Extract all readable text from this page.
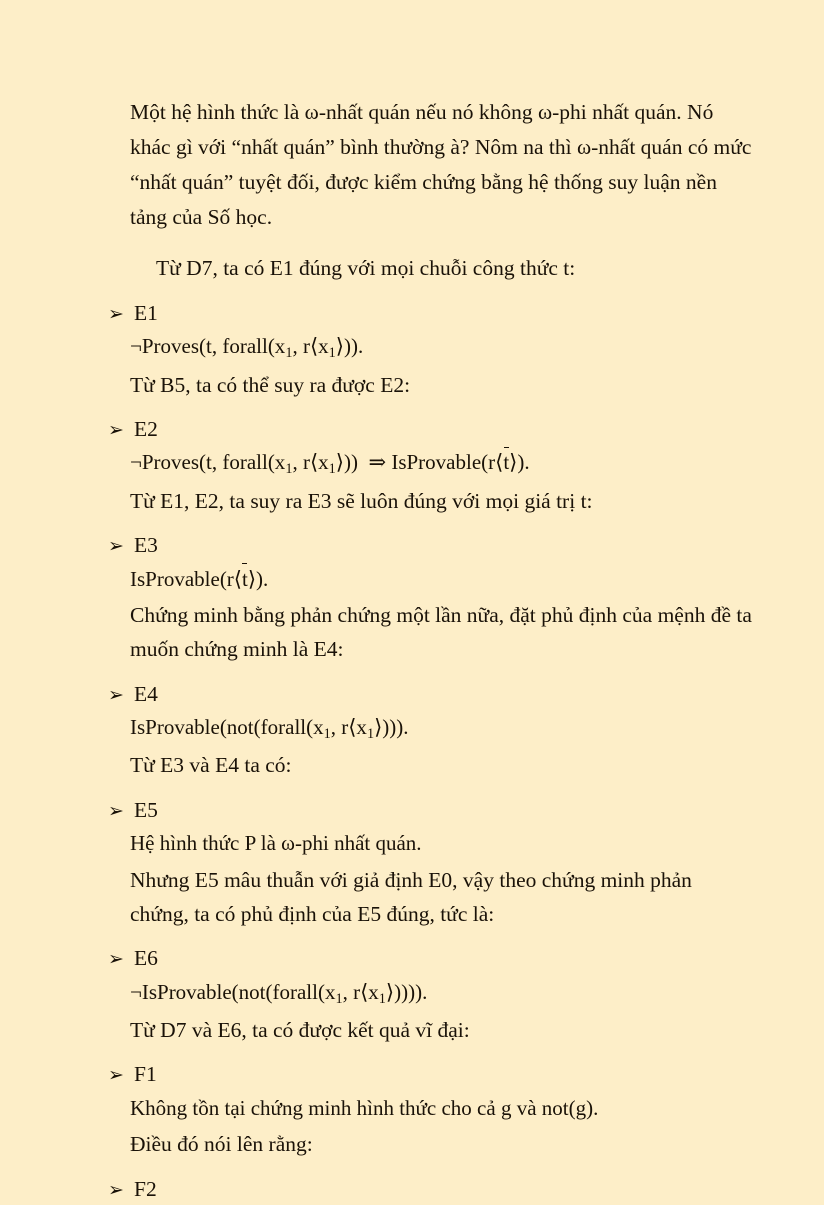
Một hệ hình thức là ω-nhất quán nếu nó không ω-phi nhất quán. Nó khác gì với “nhất quán” bình thường à? Nôm na thì ω-nhất quán có mức “nhất quán” tuyệt đối, được kiểm chứng bằng hệ thống suy luận nền tảng của Số học.

Từ D7, ta có E1 đúng với mọi chuỗi công thức t:

➢ E1
¬Proves(t, $forall(x_1$, $r⟨x_1⟩$)).
Từ B5, ta có thể suy ra được E2:
➢ E2
¬Proves(t, $forall(x_1$, $r⟨x_1⟩$)) ⇒ IsProvable(r⟨t⟩).
Từ E1, E2, ta suy ra E3 sẽ luôn đúng với mọi giá trị t:
➢ E3
IsProvable(r⟨t⟩).
Chứng minh bằng phản chứng một lần nữa, đặt phủ định của mệnh đề ta muốn chứng minh là E4:
➢ E4
$IsProvable(not(forall(x_1$, $r⟨x_1⟩$))).
Từ E3 và E4 ta có:
➢ E5
Hệ hình thức P là ω-phi nhất quán.
Nhưng E5 mâu thuẫn với giả định E0, vậy theo chứng minh phản chứng, ta có phủ định của E5 đúng, tức là:
➢ E6
$\neg IsProvable(not(forall(x_1$, $r⟨x_1⟩$)))).
Từ D7 và E6, ta có được kết quả vĩ đại:
➢ F1
Không tồn tại chứng minh hình thức cho cả g và not(g).
Điều đó nói lên rằng:
➢ F2
